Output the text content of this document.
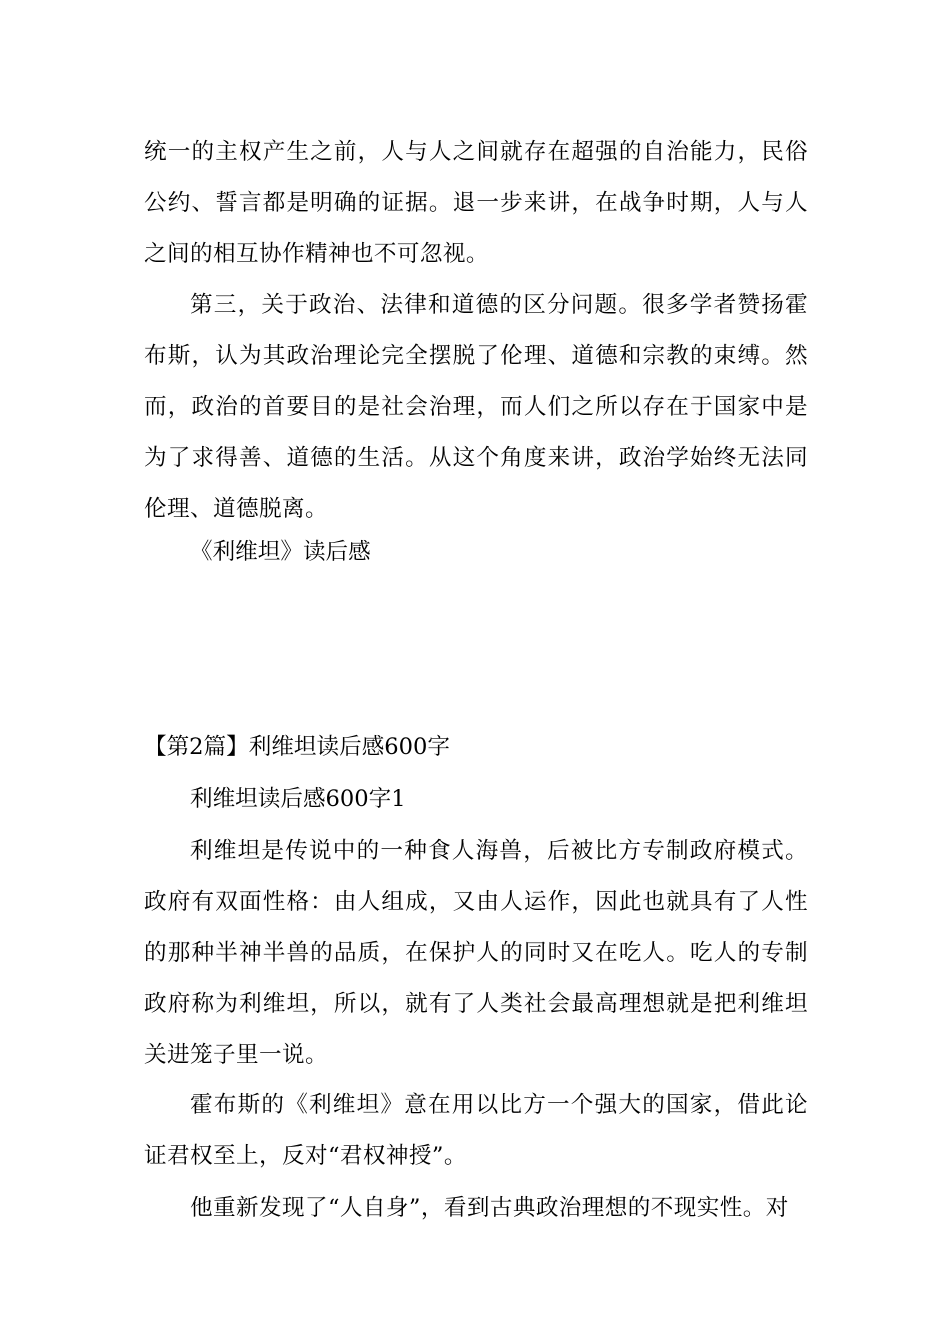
统一的主权产生之前，人与人之间就存在超强的自治能力，民俗公约、誓言都是明确的证据。退一步来讲，在战争时期，人与人之间的相互协作精神也不可忽视。

第三，关于政治、法律和道德的区分问题。很多学者赞扬霍布斯，认为其政治理论完全摆脱了伦理、道德和宗教的束缚。然而，政治的首要目的是社会治理，而人们之所以存在于国家中是为了求得善、道德的生活。从这个角度来讲，政治学始终无法同伦理、道德脱离。

《利维坦》读后感

【第2篇】利维坦读后感600字

利维坦读后感600字1

利维坦是传说中的一种食人海兽，后被比方专制政府模式。政府有双面性格：由人组成，又由人运作，因此也就具有了人性的那种半神半兽的品质，在保护人的同时又在吃人。吃人的专制政府称为利维坦，所以，就有了人类社会最高理想就是把利维坦关进笼子里一说。

霍布斯的《利维坦》意在用以比方一个强大的国家，借此论证君权至上，反对“君权神授”。

他重新发现了“人自身”，看到古典政治理想的不现实性。对
